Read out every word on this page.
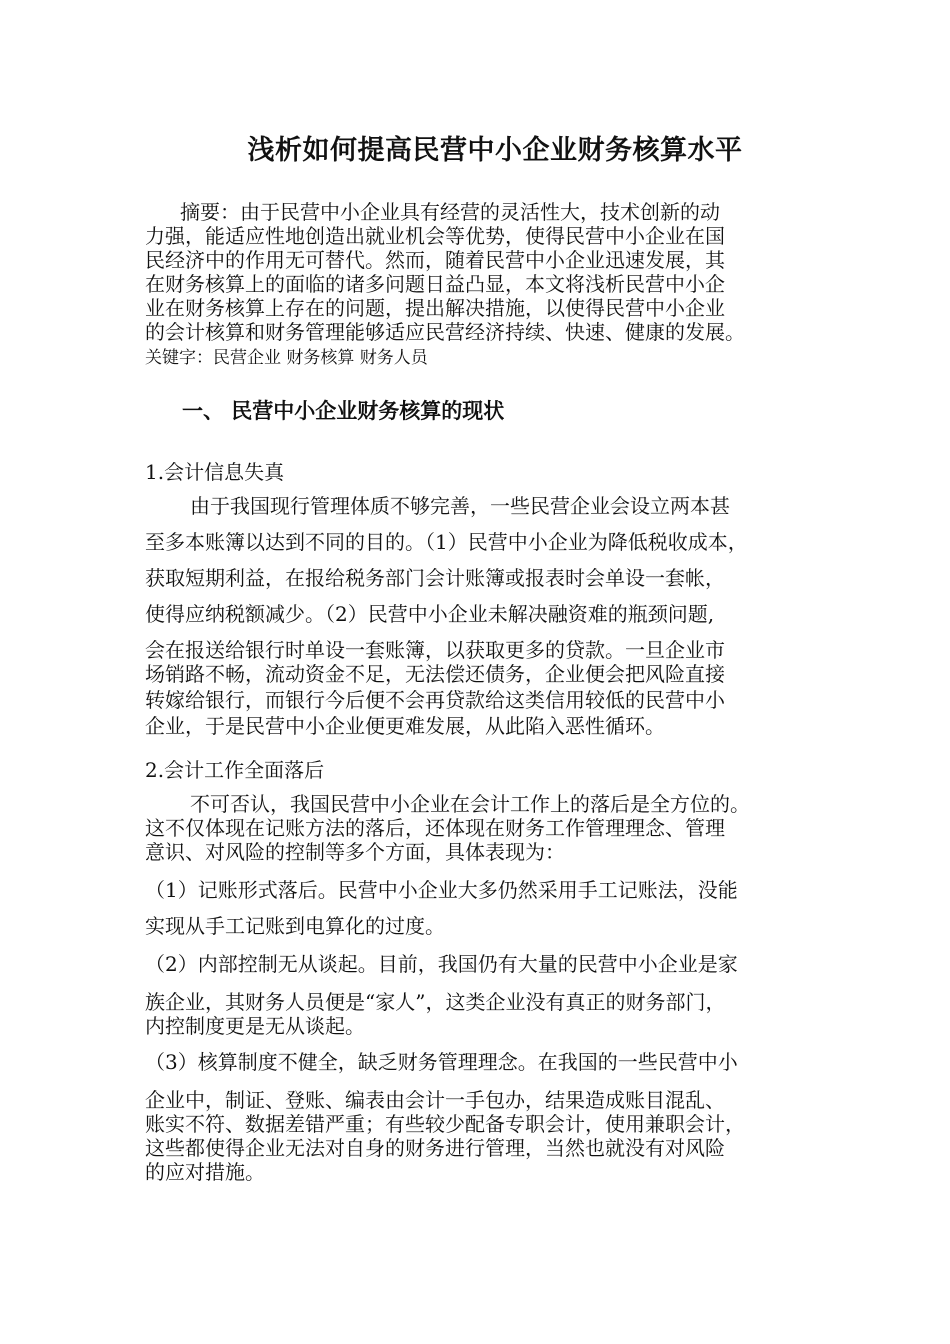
浅析如何提高民营中小企业财务核算水平
摘要：由于民营中小企业具有经营的灵活性大，技术创新的动
力强，能适应性地创造出就业机会等优势，使得民营中小企业在国
民经济中的作用无可替代。然而，随着民营中小企业迅速发展，其
在财务核算上的面临的诸多问题日益凸显，本文将浅析民营中小企
业在财务核算上存在的问题，提出解决措施，以使得民营中小企业
的会计核算和财务管理能够适应民营经济持续、快速、健康的发展。
关键字：民营企业 财务核算 财务人员
一、 民营中小企业财务核算的现状
1.会计信息失真
由于我国现行管理体质不够完善，一些民营企业会设立两本甚
至多本账簿以达到不同的目的。（1）民营中小企业为降低税收成本，
获取短期利益，在报给税务部门会计账簿或报表时会单设一套帐，
使得应纳税额减少。（2）民营中小企业未解决融资难的瓶颈问题,
会在报送给银行时单设一套账簿，以获取更多的贷款。一旦企业市
场销路不畅，流动资金不足，无法偿还债务，企业便会把风险直接
转嫁给银行，而银行今后便不会再贷款给这类信用较低的民营中小
企业，于是民营中小企业便更难发展，从此陷入恶性循环。
2.会计工作全面落后
不可否认，我国民营中小企业在会计工作上的落后是全方位的。
这不仅体现在记账方法的落后，还体现在财务工作管理理念、管理
意识、对风险的控制等多个方面，具体表现为：
（1）记账形式落后。民营中小企业大多仍然采用手工记账法，没能
实现从手工记账到电算化的过度。
（2）内部控制无从谈起。目前，我国仍有大量的民营中小企业是家
族企业，其财务人员便是“家人”，这类企业没有真正的财务部门，
内控制度更是无从谈起。
（3）核算制度不健全，缺乏财务管理理念。在我国的一些民营中小
企业中，制证、登账、编表由会计一手包办，结果造成账目混乱、
账实不符、数据差错严重；有些较少配备专职会计，使用兼职会计，
这些都使得企业无法对自身的财务进行管理，当然也就没有对风险
的应对措施。
